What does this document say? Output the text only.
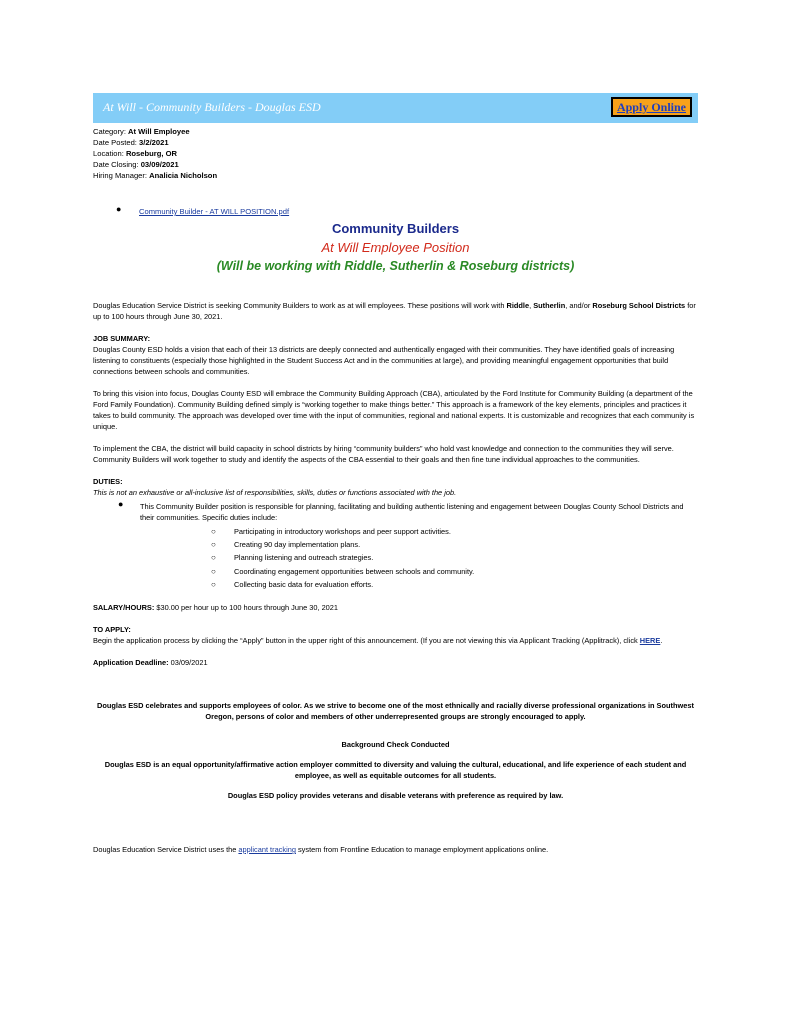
At Will - Community Builders - Douglas ESD	Apply Online
Category: At Will Employee
Date Posted: 3/2/2021
Location: Roseburg, OR
Date Closing: 03/09/2021
Hiring Manager: Analicia Nicholson
● Community Builder - AT WILL POSITION.pdf
Community Builders
At Will Employee Position
(Will be working with Riddle, Sutherlin & Roseburg districts)

Douglas Education Service District is seeking Community Builders to work as at will employees. These positions will work with Riddle, Sutherlin, and/or Roseburg School Districts for up to 100 hours through June 30, 2021.

JOB SUMMARY:

Douglas County ESD holds a vision that each of their 13 districts are deeply connected and authentically engaged with their communities. They have identified goals of increasing listening to constituents (especially those highlighted in the Student Success Act and in the communities at large), and providing meaningful engagement opportunities that build connections between schools and communities.

To bring this vision into focus, Douglas County ESD will embrace the Community Building Approach (CBA), articulated by the Ford Institute for Community Building (a department of the Ford Family Foundation). Community Building defined simply is “working together to make things better.” This approach is a framework of the key elements, principles and practices it takes to build community. The approach was developed over time with the input of communities, regional and national experts. It is customizable and recognizes that each community is unique.

To implement the CBA, the district will build capacity in school districts by hiring “community builders” who hold vast knowledge and connection to the communities they will serve. Community Builders will work together to study and identify the aspects of the CBA essential to their goals and then fine tune individual approaches to the communities.

DUTIES:

This is not an exhaustive or all-inclusive list of responsibilities, skills, duties or functions associated with the job.

● This Community Builder position is responsible for planning, facilitating and building authentic listening and engagement between Douglas County School Districts and their communities. Specific duties include:
○ Participating in introductory workshops and peer support activities.
○ Creating 90 day implementation plans.
○ Planning listening and outreach strategies.
○ Coordinating engagement opportunities between schools and community.
○ Collecting basic data for evaluation efforts.

SALARY/HOURS: $30.00 per hour up to 100 hours through June 30, 2021

TO APPLY:

Begin the application process by clicking the “Apply” button in the upper right of this announcement. (If you are not viewing this via Applicant Tracking (Applitrack), click HERE.

Application Deadline: 03/09/2021

Douglas ESD celebrates and supports employees of color. As we strive to become one of the most ethnically and racially diverse professional organizations in Southwest Oregon, persons of color and members of other underrepresented groups are strongly encouraged to apply.

Background Check Conducted

Douglas ESD is an equal opportunity/affirmative action employer committed to diversity and valuing the cultural, educational, and life experience of each student and employee, as well as equitable outcomes for all students.

Douglas ESD policy provides veterans and disable veterans with preference as required by law.

Douglas Education Service District uses the applicant tracking system from Frontline Education to manage employment applications online.
